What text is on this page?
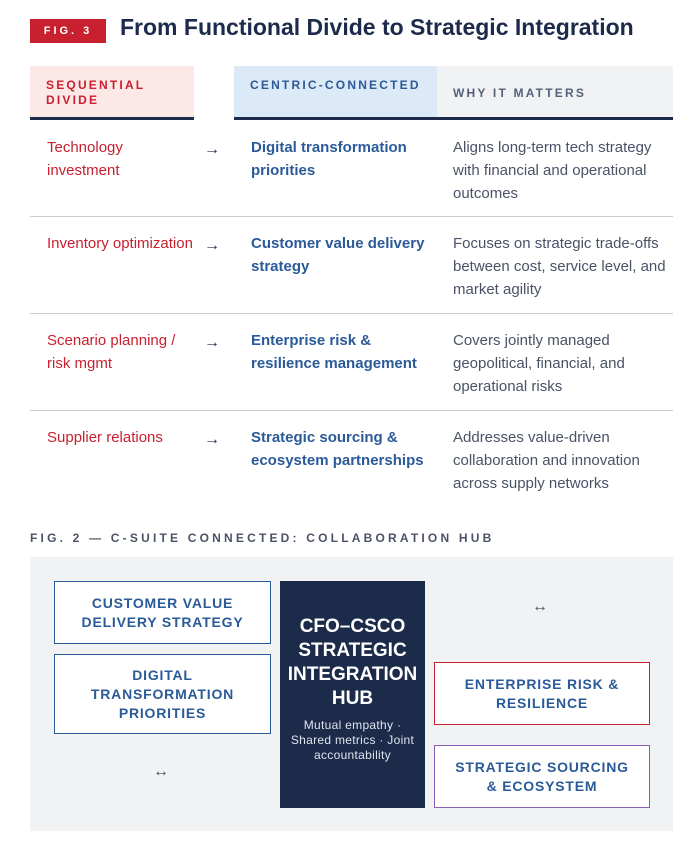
FIG. 3	From Functional Divide to Strategic Integration
SEQUENTIAL DIVIDE
CENTRIC-CONNECTED
WHY IT MATTERS
Technology investment
→ Digital transformation priorities
Aligns long-term tech strategy with financial and operational outcomes
Inventory optimization → Customer value delivery strategy
Focuses on strategic trade-offs between cost, service level, and market agility
Scenario planning / risk mgmt
→ Enterprise risk & resilience management
Covers jointly managed geopolitical, financial, and operational risks
Supplier relations	→ Strategic sourcing & ecosystem partnerships
Addresses value-driven collaboration and innovation across supply networks
FIG. 2 — C-SUITE CONNECTED: COLLABORATION HUB
CUSTOMER VALUE DELIVERY STRATEGY
DIGITAL TRANSFORMATION PRIORITIES
CFO–CSCO
STRATEGIC
INTEGRATION
HUB
Mutual empathy · Shared metrics · Joint accountability
ENTERPRISE RISK & RESILIENCE
STRATEGIC SOURCING & ECOSYSTEM
↔
↔
